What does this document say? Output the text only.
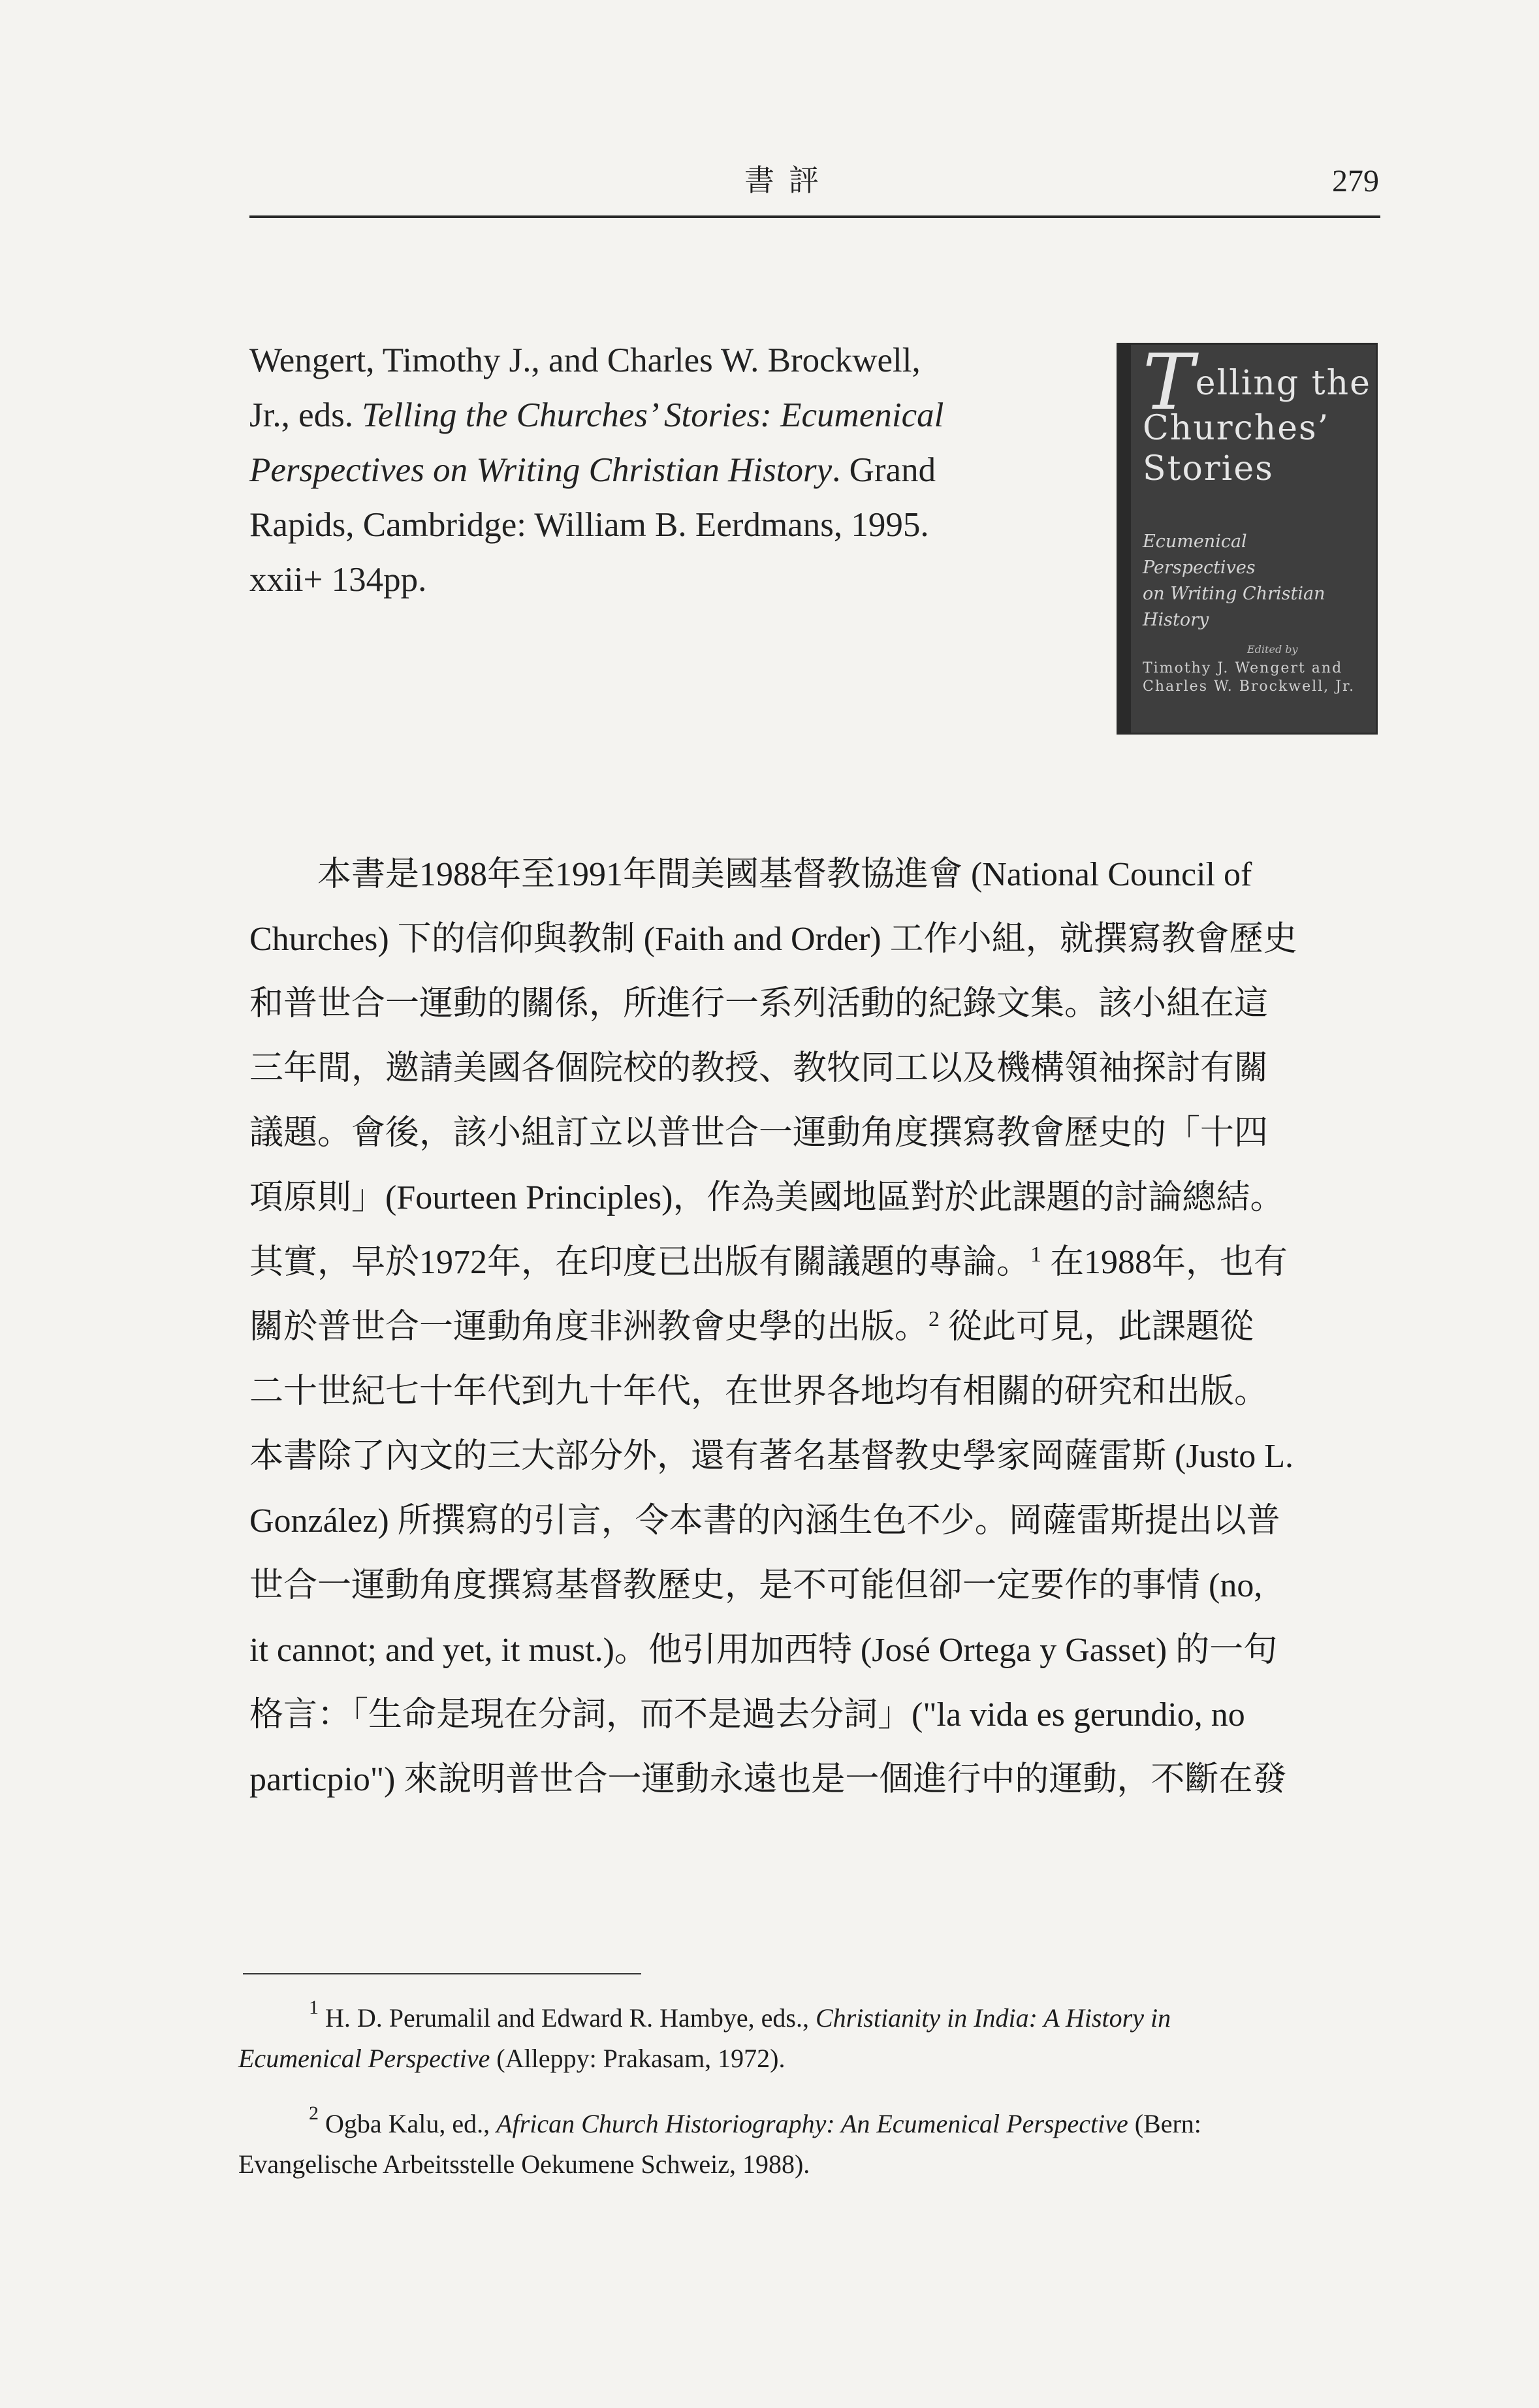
書評	279
Wengert, Timothy J., and Charles W. Brockwell,
Jr., eds. Telling the Churches’ Stories: Ecumenical
Perspectives on Writing Christian History. Grand
Rapids, Cambridge: William B. Eerdmans, 1995.
xxii+ 134pp.
Telling the
Churches’
Stories
Ecumenical Perspectives
on Writing Christian
History
Edited by
Timothy J. Wengert and
Charles W. Brockwell, Jr.
本書是1988年至1991年間美國基督教協進會 (National Council of
Churches) 下的信仰與教制 (Faith and Order) 工作小組，就撰寫教會歷史
和普世合一運動的關係，所進行一系列活動的紀錄文集。該小組在這
三年間，邀請美國各個院校的教授、教牧同工以及機構領袖探討有關
議題。會後，該小組訂立以普世合一運動角度撰寫教會歷史的「十四
項原則」(Fourteen Principles)，作為美國地區對於此課題的討論總結。
其實，早於1972年，在印度已出版有關議題的專論。$^1$ 在1988年，也有
關於普世合一運動角度非洲教會史學的出版。$^2$ 從此可見，此課題從
二十世紀七十年代到九十年代，在世界各地均有相關的研究和出版。
本書除了內文的三大部分外，還有著名基督教史學家岡薩雷斯 (Justo L.
González) 所撰寫的引言，令本書的內涵生色不少。岡薩雷斯提出以普
世合一運動角度撰寫基督教歷史，是不可能但卻一定要作的事情 (no,
it cannot; and yet, it must.)。他引用加西特 (José Ortega y Gasset) 的一句
格言：「生命是現在分詞，而不是過去分詞」("la vida es gerundio, no
particpio") 來說明普世合一運動永遠也是一個進行中的運動，不斷在發
$^1$ H. D. Perumalil and Edward R. Hambye, eds., Christianity in India: A History in
Ecumenical Perspective (Alleppy: Prakasam, 1972).
$^2$ Ogba Kalu, ed., African Church Historiography: An Ecumenical Perspective (Bern:
Evangelische Arbeitsstelle Oekumene Schweiz, 1988).
